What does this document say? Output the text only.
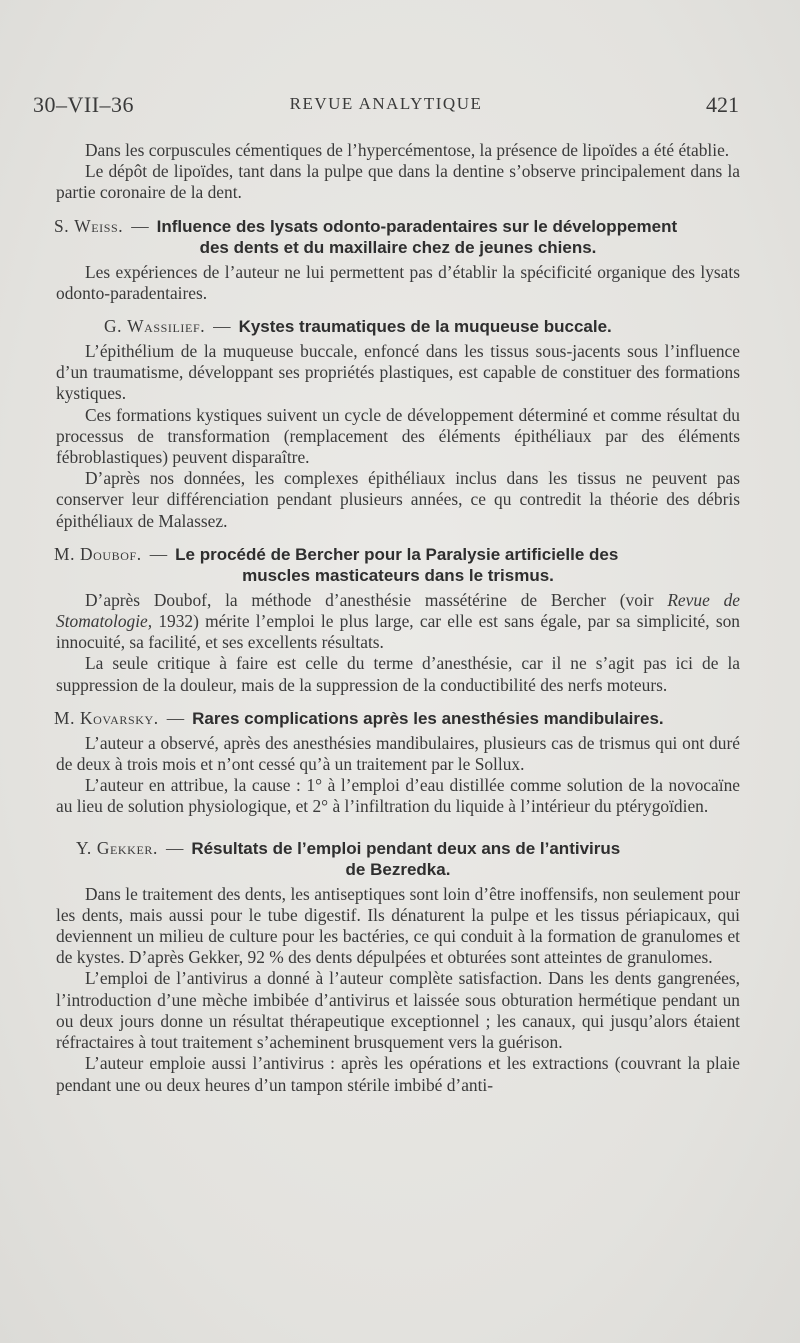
30–VII–36	REVUE ANALYTIQUE	421

Dans les corpuscules cémentiques de l’hypercémentose, la présence de lipoïdes a été établie.

Le dépôt de lipoïdes, tant dans la pulpe que dans la dentine s’observe principalement dans la partie coronaire de la dent.

S. Weiss. — Influence des lysats odonto-paradentaires sur le développement
des dents et du maxillaire chez de jeunes chiens.

Les expériences de l’auteur ne lui permettent pas d’établir la spécificité organique des lysats odonto-paradentaires.

G. Wassilief. — Kystes traumatiques de la muqueuse buccale.

L’épithélium de la muqueuse buccale, enfoncé dans les tissus sous-jacents sous l’influence d’un traumatisme, développant ses propriétés plastiques, est capable de constituer des formations kystiques.

Ces formations kystiques suivent un cycle de développement déterminé et comme résultat du processus de transformation (remplacement des éléments épithéliaux par des éléments fébroblastiques) peuvent disparaître.

D’après nos données, les complexes épithéliaux inclus dans les tissus ne peuvent pas conserver leur différenciation pendant plusieurs années, ce qu contredit la théorie des débris épithéliaux de Malassez.

M. Doubof. — Le procédé de Bercher pour la Paralysie artificielle des
muscles masticateurs dans le trismus.

D’après Doubof, la méthode d’anesthésie massétérine de Bercher (voir Revue de Stomatologie, 1932) mérite l’emploi le plus large, car elle est sans égale, par sa simplicité, son innocuité, sa facilité, et ses excellents résultats.

La seule critique à faire est celle du terme d’anesthésie, car il ne s’agit pas ici de la suppression de la douleur, mais de la suppression de la conductibilité des nerfs moteurs.

M. Kovarsky. — Rares complications après les anesthésies mandibulaires.

L’auteur a observé, après des anesthésies mandibulaires, plusieurs cas de trismus qui ont duré de deux à trois mois et n’ont cessé qu’à un traitement par le Sollux.

L’auteur en attribue, la cause : 1° à l’emploi d’eau distillée comme solution de la novocaïne au lieu de solution physiologique, et 2° à l’infiltration du liquide à l’intérieur du ptérygoïdien.

Y. Gekker. — Résultats de l’emploi pendant deux ans de l’antivirus
de Bezredka.

Dans le traitement des dents, les antiseptiques sont loin d’être inoffensifs, non seulement pour les dents, mais aussi pour le tube digestif. Ils dénaturent la pulpe et les tissus périapicaux, qui deviennent un milieu de culture pour les bactéries, ce qui conduit à la formation de granulomes et de kystes. D’après Gekker, 92 % des dents dépulpées et obturées sont atteintes de granulomes.

L’emploi de l’antivirus a donné à l’auteur complète satisfaction. Dans les dents gangrenées, l’introduction d’une mèche imbibée d’antivirus et laissée sous obturation hermétique pendant un ou deux jours donne un résultat thérapeutique exceptionnel ; les canaux, qui jusqu’alors étaient réfractaires à tout traitement s’acheminent brusquement vers la guérison.

L’auteur emploie aussi l’antivirus : après les opérations et les extractions (couvrant la plaie pendant une ou deux heures d’un tampon stérile imbibé d’anti-
